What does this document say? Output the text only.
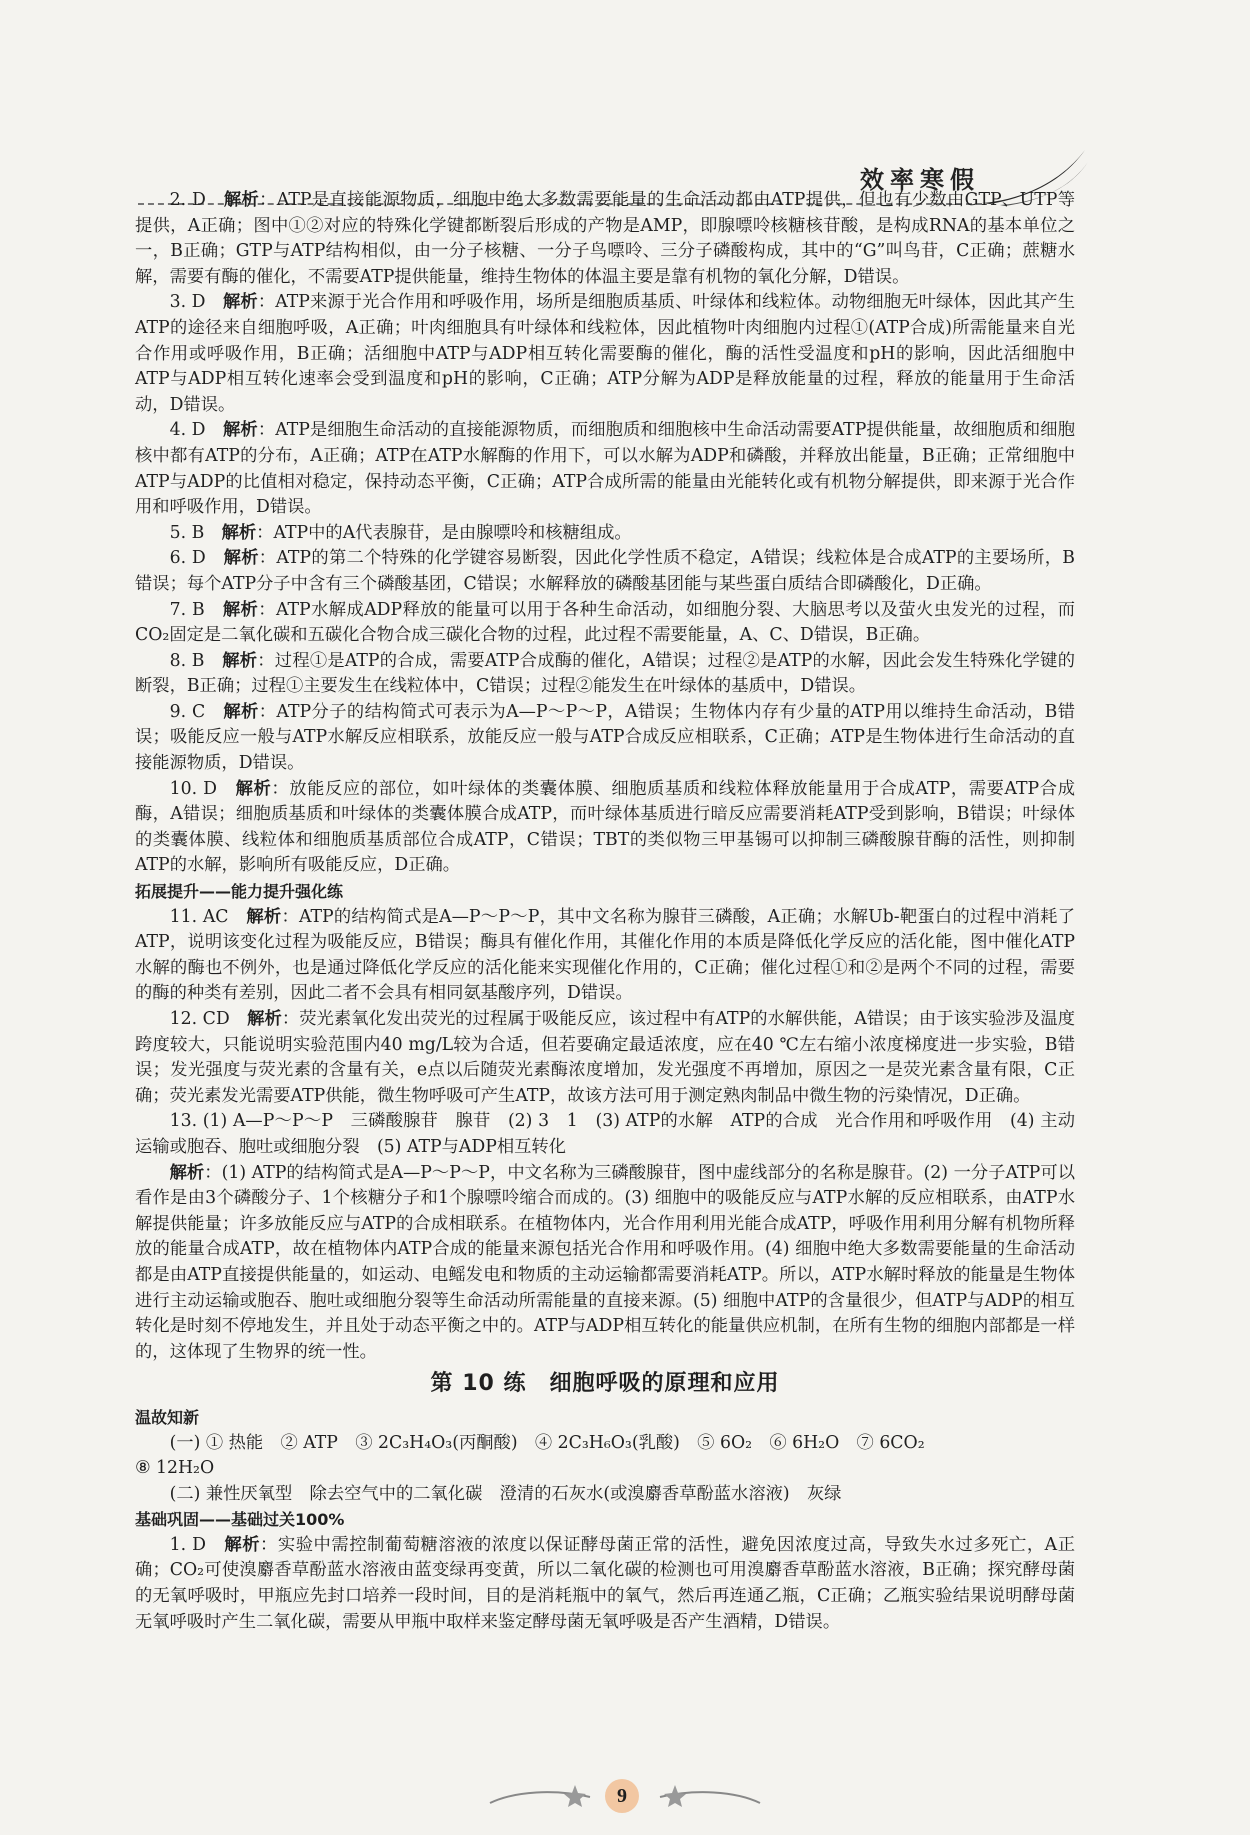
效率寒假

2. D　 解析：ATP是直接能源物质，细胞中绝大多数需要能量的生命活动都由ATP提供，但也有少数由GTP、UTP等提供，A正确；图中①②对应的特殊化学键都断裂后形成的产物是AMP，即腺嘌呤核糖核苷酸，是构成RNA的基本单位之一，B正确；GTP与ATP结构相似，由一分子核糖、一分子鸟嘌呤、三分子磷酸构成，其中的“G”叫鸟苷，C正确；蔗糖水解，需要有酶的催化，不需要ATP提供能量，维持生物体的体温主要是靠有机物的氧化分解，D错误。

3. D　 解析：ATP来源于光合作用和呼吸作用，场所是细胞质基质、叶绿体和线粒体。动物细胞无叶绿体，因此其产生ATP的途径来自细胞呼吸，A正确；叶肉细胞具有叶绿体和线粒体，因此植物叶肉细胞内过程①(ATP合成)所需能量来自光合作用或呼吸作用，B正确；活细胞中ATP与ADP相互转化需要酶的催化，酶的活性受温度和pH的影响，因此活细胞中ATP与ADP相互转化速率会受到温度和pH的影响，C正确；ATP分解为ADP是释放能量的过程，释放的能量用于生命活动，D错误。

4. D　 解析：ATP是细胞生命活动的直接能源物质，而细胞质和细胞核中生命活动需要ATP提供能量，故细胞质和细胞核中都有ATP的分布，A正确；ATP在ATP水解酶的作用下，可以水解为ADP和磷酸，并释放出能量，B正确；正常细胞中ATP与ADP的比值相对稳定，保持动态平衡，C正确；ATP合成所需的能量由光能转化或有机物分解提供，即来源于光合作用和呼吸作用，D错误。

5. B　 解析：ATP中的A代表腺苷，是由腺嘌呤和核糖组成。

6. D　 解析：ATP的第二个特殊的化学键容易断裂，因此化学性质不稳定，A错误；线粒体是合成ATP的主要场所，B错误；每个ATP分子中含有三个磷酸基团，C错误；水解释放的磷酸基团能与某些蛋白质结合即磷酸化，D正确。

7. B　 解析：ATP水解成ADP释放的能量可以用于各种生命活动，如细胞分裂、大脑思考以及萤火虫发光的过程，而CO₂固定是二氧化碳和五碳化合物合成三碳化合物的过程，此过程不需要能量，A、C、D错误，B正确。

8. B　 解析：过程①是ATP的合成，需要ATP合成酶的催化，A错误；过程②是ATP的水解，因此会发生特殊化学键的断裂，B正确；过程①主要发生在线粒体中，C错误；过程②能发生在叶绿体的基质中，D错误。

9. C　 解析：ATP分子的结构简式可表示为A—P～P～P，A错误；生物体内存有少量的ATP用以维持生命活动，B错误；吸能反应一般与ATP水解反应相联系，放能反应一般与ATP合成反应相联系，C正确；ATP是生物体进行生命活动的直接能源物质，D错误。

10. D　 解析：放能反应的部位，如叶绿体的类囊体膜、细胞质基质和线粒体释放能量用于合成ATP，需要ATP合成酶，A错误；细胞质基质和叶绿体的类囊体膜合成ATP，而叶绿体基质进行暗反应需要消耗ATP受到影响，B错误；叶绿体的类囊体膜、线粒体和细胞质基质部位合成ATP，C错误；TBT的类似物三甲基锡可以抑制三磷酸腺苷酶的活性，则抑制ATP的水解，影响所有吸能反应，D正确。

拓展提升——能力提升强化练

11. AC　 解析：ATP的结构简式是A—P～P～P，其中文名称为腺苷三磷酸，A正确；水解Ub-靶蛋白的过程中消耗了ATP，说明该变化过程为吸能反应，B错误；酶具有催化作用，其催化作用的本质是降低化学反应的活化能，图中催化ATP水解的酶也不例外，也是通过降低化学反应的活化能来实现催化作用的，C正确；催化过程①和②是两个不同的过程，需要的酶的种类有差别，因此二者不会具有相同氨基酸序列，D错误。

12. CD　 解析：荧光素氧化发出荧光的过程属于吸能反应，该过程中有ATP的水解供能，A错误；由于该实验涉及温度跨度较大，只能说明实验范围内40 mg/L较为合适，但若要确定最适浓度，应在40 ℃左右缩小浓度梯度进一步实验，B错误；发光强度与荧光素的含量有关，e点以后随荧光素酶浓度增加，发光强度不再增加，原因之一是荧光素含量有限，C正确；荧光素发光需要ATP供能，微生物呼吸可产生ATP，故该方法可用于测定熟肉制品中微生物的污染情况，D正确。

13. (1) A—P～P～P　三磷酸腺苷　腺苷　(2) 3　1　(3) ATP的水解　ATP的合成　光合作用和呼吸作用　(4) 主动运输或胞吞、胞吐或细胞分裂　(5) ATP与ADP相互转化

解析：(1) ATP的结构简式是A—P～P～P，中文名称为三磷酸腺苷，图中虚线部分的名称是腺苷。(2) 一分子ATP可以看作是由3个磷酸分子、1个核糖分子和1个腺嘌呤缩合而成的。(3) 细胞中的吸能反应与ATP水解的反应相联系，由ATP水解提供能量；许多放能反应与ATP的合成相联系。在植物体内，光合作用利用光能合成ATP，呼吸作用利用分解有机物所释放的能量合成ATP，故在植物体内ATP合成的能量来源包括光合作用和呼吸作用。(4) 细胞中绝大多数需要能量的生命活动都是由ATP直接提供能量的，如运动、电鳐发电和物质的主动运输都需要消耗ATP。所以，ATP水解时释放的能量是生物体进行主动运输或胞吞、胞吐或细胞分裂等生命活动所需能量的直接来源。(5) 细胞中ATP的含量很少，但ATP与ADP的相互转化是时刻不停地发生，并且处于动态平衡之中的。ATP与ADP相互转化的能量供应机制，在所有生物的细胞内部都是一样的，这体现了生物界的统一性。

第 10 练　细胞呼吸的原理和应用

温故知新

(一) ① 热能　② ATP　③ 2C₃H₄O₃(丙酮酸)　④ 2C₃H₆O₃(乳酸)　⑤ 6O₂　⑥ 6H₂O　⑦ 6CO₂

⑧ 12H₂O

(二) 兼性厌氧型　除去空气中的二氧化碳　澄清的石灰水(或溴麝香草酚蓝水溶液)　灰绿

基础巩固——基础过关100%

1. D　 解析：实验中需控制葡萄糖溶液的浓度以保证酵母菌正常的活性，避免因浓度过高，导致失水过多死亡，A正确；CO₂可使溴麝香草酚蓝水溶液由蓝变绿再变黄，所以二氧化碳的检测也可用溴麝香草酚蓝水溶液，B正确；探究酵母菌的无氧呼吸时，甲瓶应先封口培养一段时间，目的是消耗瓶中的氧气，然后再连通乙瓶，C正确；乙瓶实验结果说明酵母菌无氧呼吸时产生二氧化碳，需要从甲瓶中取样来鉴定酵母菌无氧呼吸是否产生酒精，D错误。

9
